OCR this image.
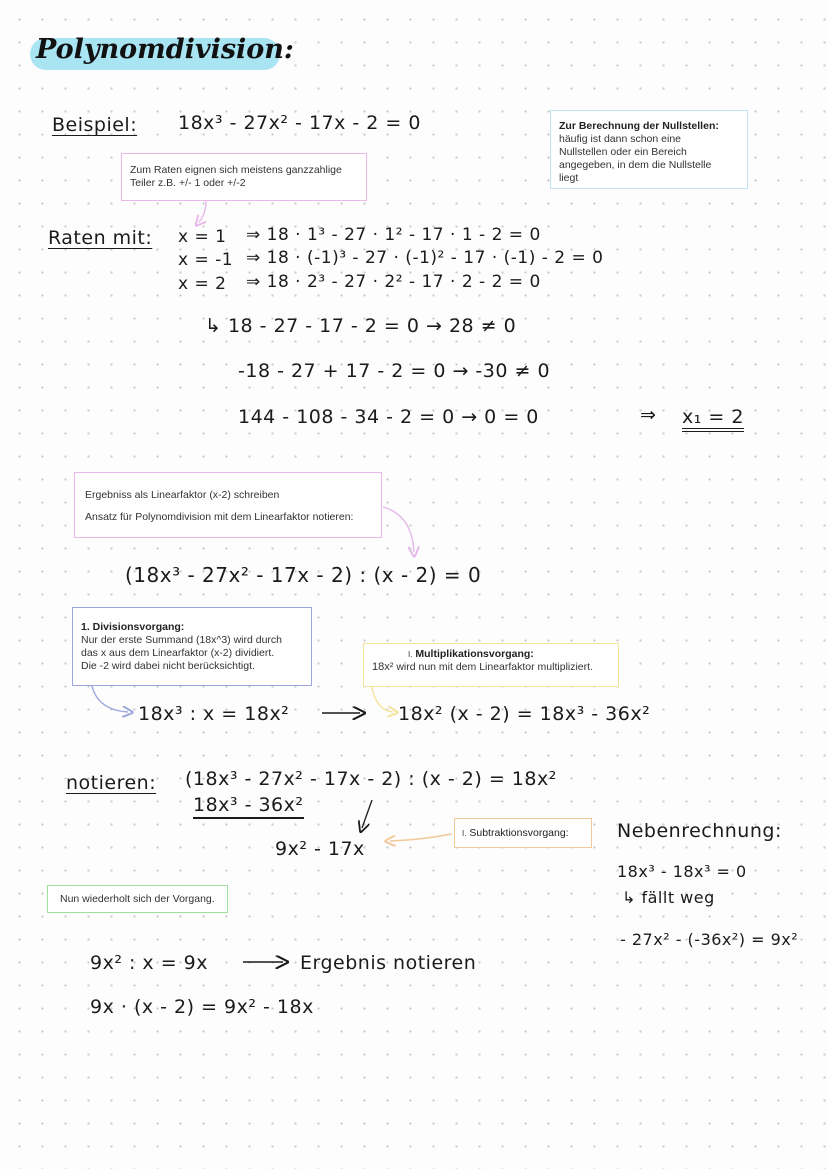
Polynomdivision:
Beispiel: 18x³ - 27x² - 17x - 2 = 0	Zur Berechnung der Nullstellen:
häufig ist dann schon eine
Nullstellen oder ein Bereich
angegeben, in dem die Nullstelle
liegt
Zum Raten eignen sich meistens ganzzahlige
Teiler z.B. +/- 1 oder +/-2
Raten mit: x = 1 ⇒ 18 · 1³ - 27 · 1² - 17 · 1 - 2 = 0
x = -1 ⇒ 18 · (-1)³ - 27 · (-1)² - 17 · (-1) - 2 = 0
x = 2 ⇒ 18 · 2³ - 27 · 2² - 17 · 2 - 2 = 0
↳ 18 - 27 - 17 - 2 = 0 → 28 ≠ 0
-18 - 27 + 17 - 2 = 0 → -30 ≠ 0
144 - 108 - 34 - 2 = 0 → 0 = 0	⇒ x₁ = 2
Ergebniss als Linearfaktor (x-2) schreiben
Ansatz für Polynomdivision mit dem Linearfaktor notieren:
(18x³ - 27x² - 17x - 2) : (x - 2) = 0
1. Divisionsvorgang:
Nur der erste Summand (18x^3) wird durch
das x aus dem Linearfaktor (x-2) dividiert.
Die -2 wird dabei nicht berücksichtigt.
I. Multiplikationsvorgang:
18x² wird nun mit dem Linearfaktor multipliziert.
18x³ : x = 18x²	18x² (x - 2) = 18x³ - 36x²
notieren: (18x³ - 27x² - 17x - 2) : (x - 2) = 18x²
18x³ - 36x²
9x² - 17x
I. Subtraktionsvorgang:	Nebenrechnung:
18x³ - 18x³ = 0
↳ fällt weg
- 27x² - (-36x²) = 9x²
Nun wiederholt sich der Vorgang.
9x² : x = 9x	Ergebnis notieren
9x · (x - 2) = 9x² - 18x
